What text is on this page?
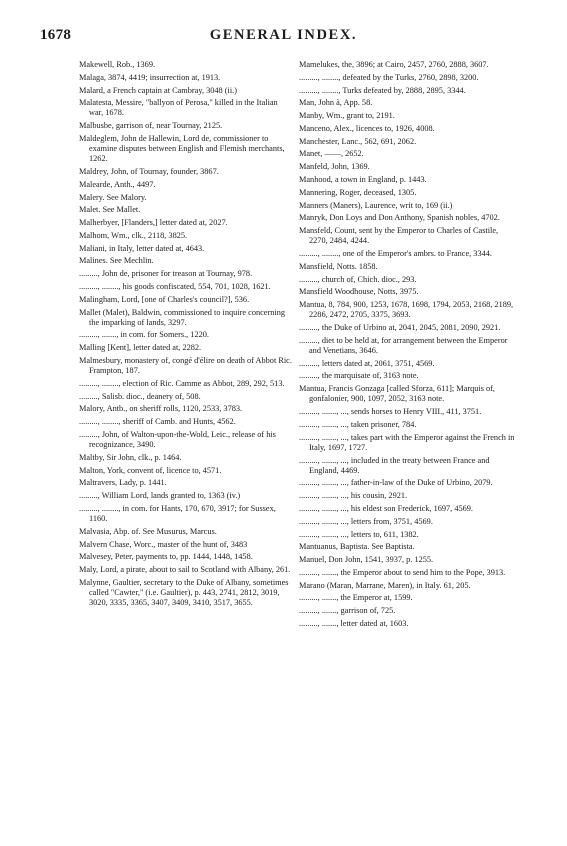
1678	GENERAL INDEX.
Makewell, Rob., 1369.
Malaga, 3874, 4419; insurrection at, 1913.
Malard, a French captain at Cambray, 3048 (ii.)
Malatesta, Messire, "ballyon of Perosa," killed in the Italian war, 1678.
Malbusbe, garrison of, near Tournay, 2125.
Maldeglem, John de Hallewin, Lord de, commissioner to examine disputes between English and Flemish merchants, 1262.
Maldrey, John, of Tournay, founder, 3867.
Malearde, Anth., 4497.
Malery. See Malory.
Malet. See Mallet.
Malherbyer, [Flanders,] letter dated at, 2027.
Malhom, Wm., clk., 2118, 3825.
Maliani, in Italy, letter dated at, 4643.
Malines. See Mechlin.
........., John de, prisoner for treason at Tournay, 978.
........., ........, his goods confiscated, 554, 701, 1028, 1621.
Malingham, Lord, [one of Charles's council?], 536.
Mallet (Malet), Baldwin, commissioned to inquire concerning the imparking of lands, 3297.
........., ......., in com. for Somers., 1220.
Malling [Kent], letter dated at, 2282.
Malmesbury, monastery of, congé d'élire on death of Abbot Ric. Frampton, 187.
........., ........, election of Ric. Camme as Abbot, 289, 292, 513.
........., Salisb. dioc., deanery of, 508.
Malory, Antb., on sheriff rolls, 1120, 2533, 3783.
........., ........, sheriff of Camb. and Hunts, 4562.
........., John, of Walton-upon-the-Wold, Leic., release of his recognizance, 3490.
Maltby, Sir John, clk., p. 1464.
Malton, York, convent of, licence to, 4571.
Maltravers, Lady, p. 1441.
........., William Lord, lands granted to, 1363 (iv.)
........., ........, in com. for Hants, 170, 670, 3917; for Sussex, 1160.
Malvasia, Abp. of. See Musurus, Marcus.
Malvern Chase, Worc., master of the hunt of, 3483
Malvesey, Peter, payments to, pp. 1444, 1448, 1458.
Maly, Lord, a pirate, about to sail to Scotland with Albany, 261.
Malynne, Gaultier, secretary to the Duke of Albany, sometimes called "Cawter," (i.e. Gaultier), p. 443, 2741, 2812, 3019, 3020, 3335, 3365, 3407, 3409, 3410, 3517, 3655.
Mamelukes, the, 3896; at Cairo, 2457, 2760, 2888, 3607.
........., ........, defeated by the Turks, 2760, 2898, 3200.
........., ........, Turks defeated by, 2888, 2895, 3344.
Man, John à, App. 58.
Manby, Wm., grant to, 2191.
Manceno, Alex., licences to, 1926, 4008.
Manchester, Lanc., 562, 691, 2062.
Manet, ——, 2652.
Manfeld, John, 1369.
Manhood, a town in England, p. 1443.
Mannering, Roger, deceased, 1305.
Manners (Maners), Laurence, writ to, 169 (ii.)
Manryk, Don Loys and Don Anthony, Spanish nobles, 4702.
Mansfeld, Count, sent by the Emperor to Charles of Castile, 2270, 2484, 4244.
........., ........, one of the Emperor's ambrs. to France, 3344.
Mansfield, Notts. 1858.
........., church of, Chich. dioc., 293.
Mansfield Woodhouse, Notts, 3975.
Mantua, 8, 784, 900, 1253, 1678, 1698, 1794, 2053, 2168, 2189, 2286, 2472, 2705, 3375, 3693.
........., the Duke of Urbino at, 2041, 2045, 2081, 2090, 2921.
........., diet to be held at, for arrangement between the Emperor and Venetians, 3646.
........., letters dated at, 2061, 3751, 4569.
........., the marquisate of, 3163 note.
Mantua, Francis Gonzaga [called Sforza, 611]; Marquis of, gonfalonier, 900, 1097, 2052, 3163 note.
........., ......., ..., sends horses to Henry VIII., 411, 3751.
........., ......., ..., taken prisoner, 784.
........., ......., ..., takes part with the Emperor against the French in Italy, 1697, 1727.
........., ......., ..., included in the treaty between France and England, 4469.
........., ......., ..., father-in-law of the Duke of Urbino, 2079.
........., ......., ..., his cousin, 2921.
........., ......., ..., his eldest son Frederick, 1697, 4569.
........., ......., ..., letters from, 3751, 4569.
........., ......., ..., letters to, 611, 1382.
Mantuanus, Baptista. See Baptista.
Manuel, Don John, 1541, 3937, p. 1255.
........., ......., the Emperor about to send him to the Pope, 3913.
Marano (Maran, Marrane, Maren), in Italy. 61, 205.
........., ......., the Emperor at, 1599.
........., ......., garrison of, 725.
........., ......., letter dated at, 1603.
